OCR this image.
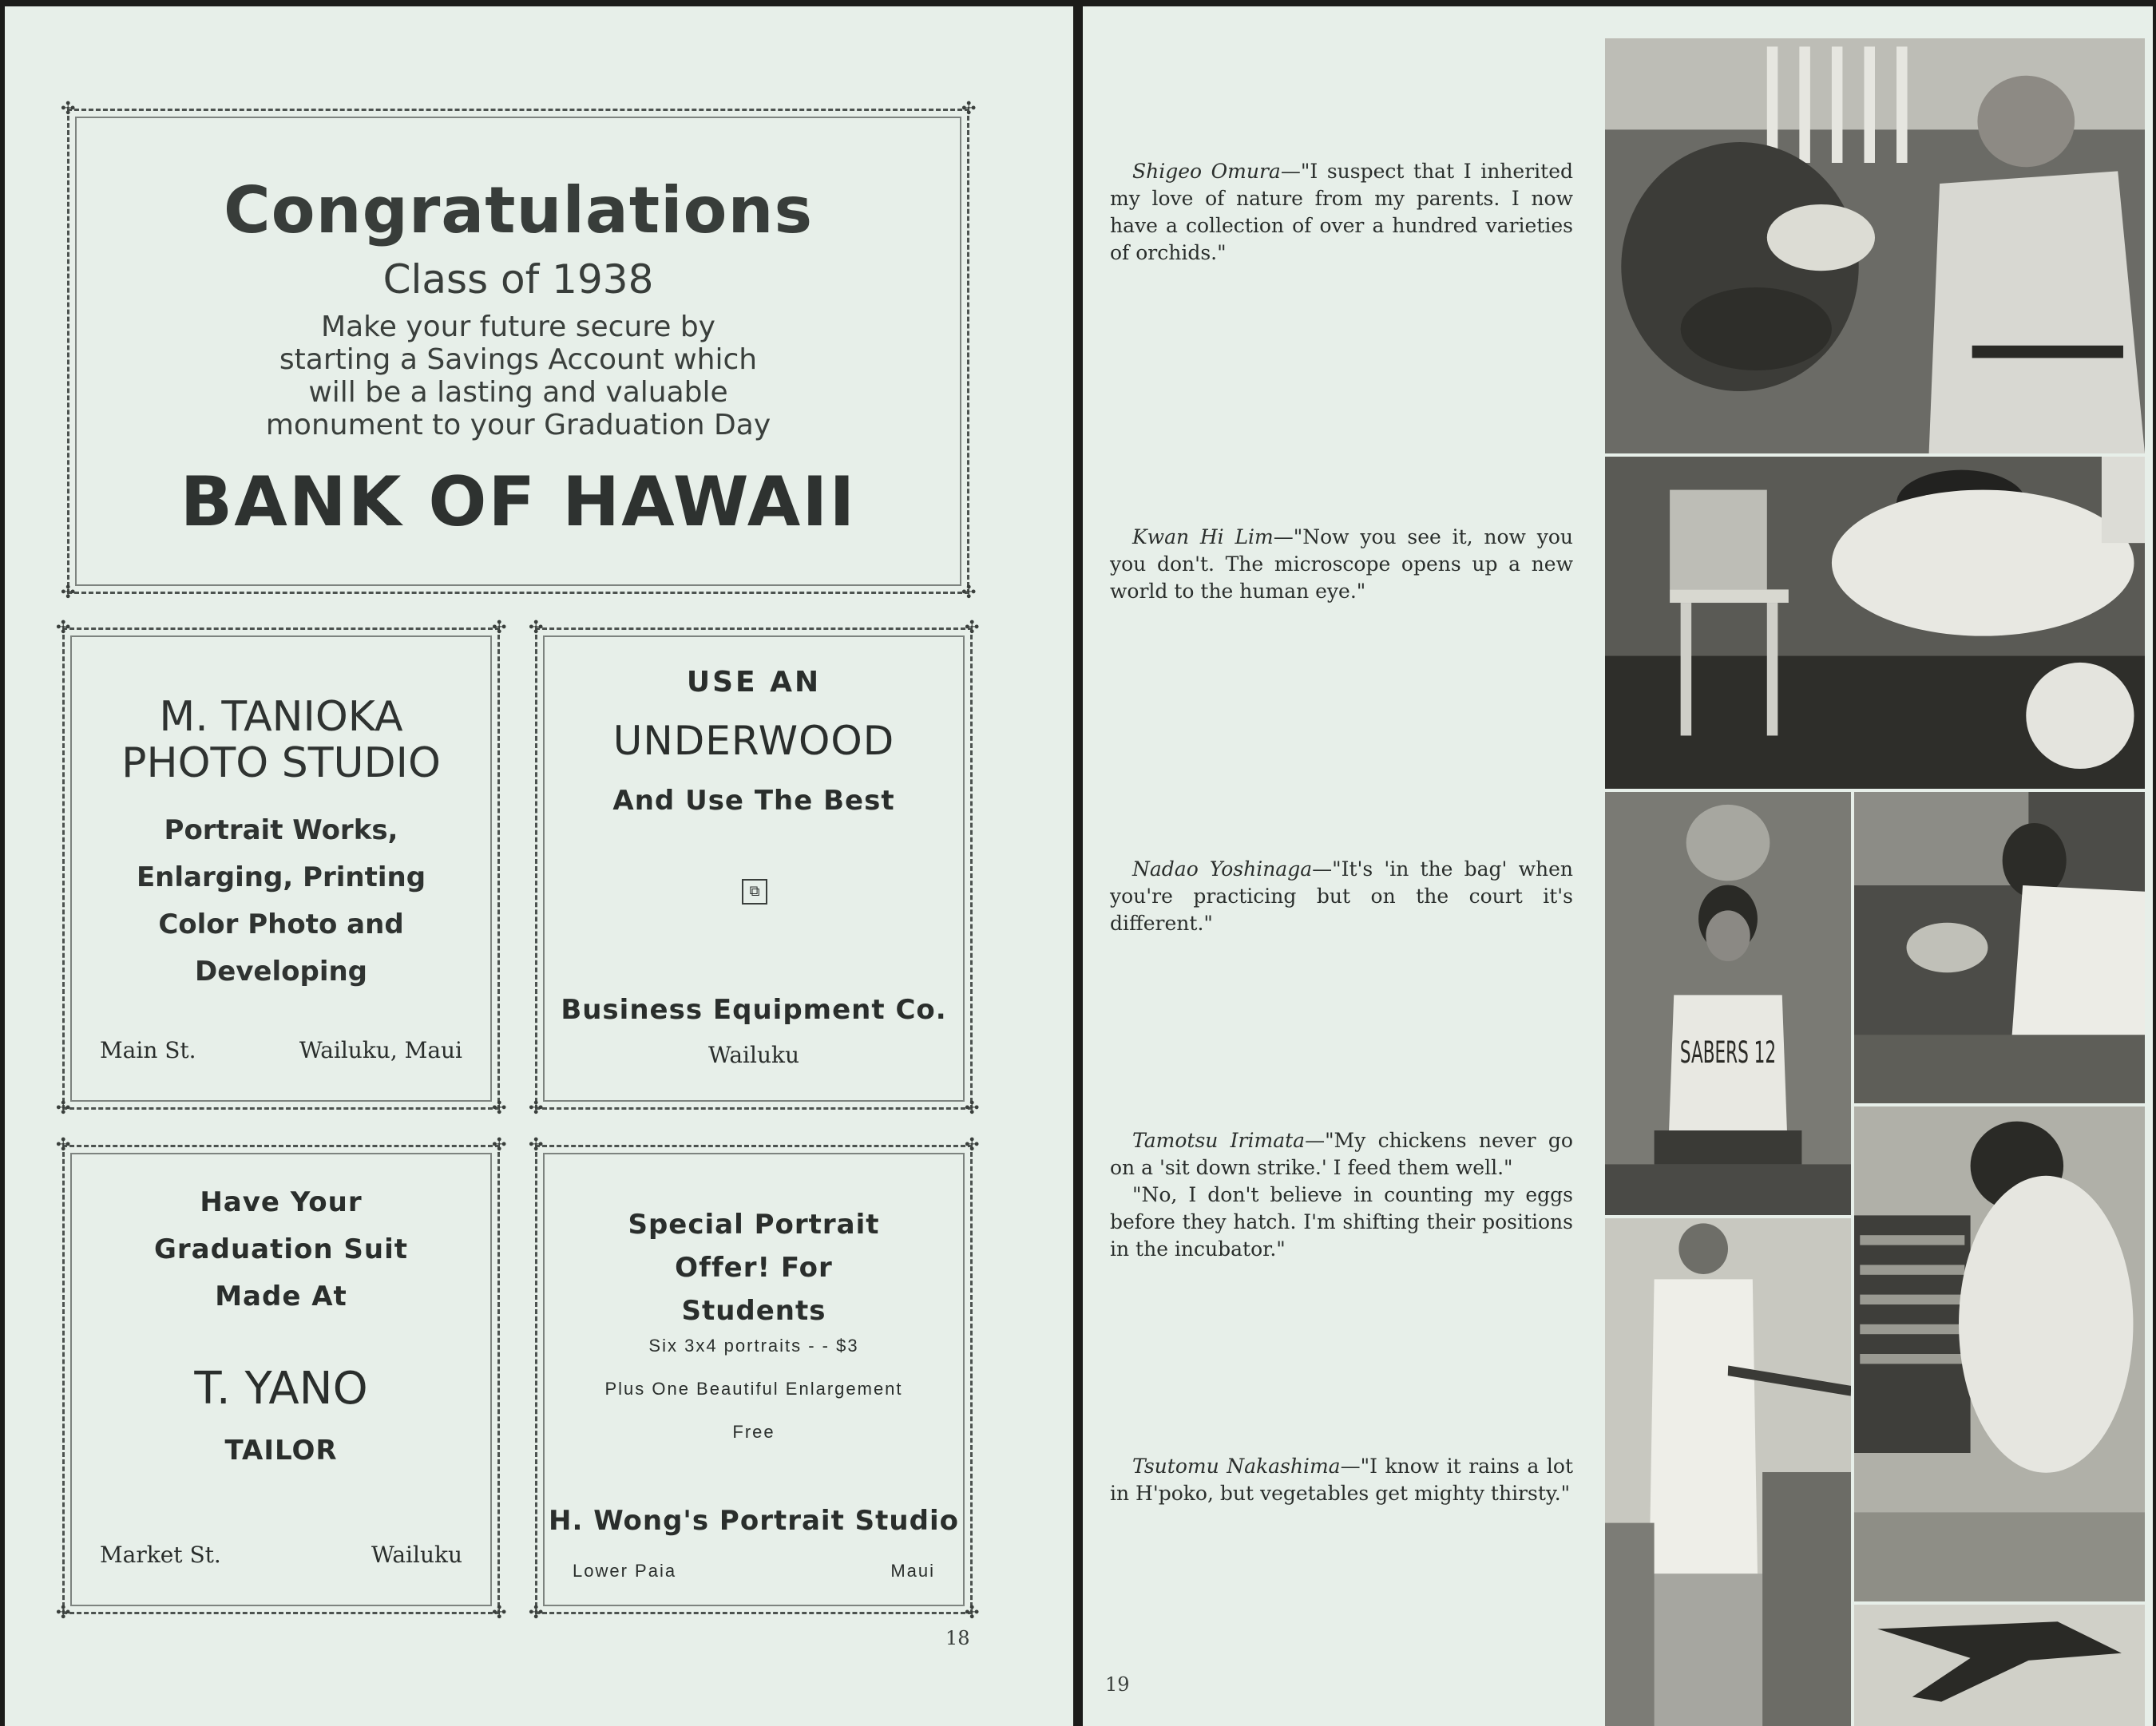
✣	✣
✣	✣
Congratulations
Class of 1938
Make your future secure by starting a Savings Account which will be a lasting and valuable monument to your Graduation Day
BANK OF HAWAII
✣	✣
✣	✣
M. TANIOKA PHOTO STUDIO
Portrait Works, Enlarging, Printing Color Photo and Developing
Main St.	Wailuku, Maui
✣	✣
✣	✣
USE AN
UNDERWOOD
And Use The Best
⧉
Business Equipment Co.
Wailuku
✣	✣
✣	✣
Have Your Graduation Suit Made At
T. YANO
TAILOR
Market St.	Wailuku
✣	✣
✣	✣
Special Portrait Offer! For Students
Six 3x4 portraits - - $3
Plus One Beautiful Enlargement
Free
H. Wong's Portrait Studio
Lower Paia	Maui
18
Shigeo Omura—"I suspect that I inherited my love of nature from my parents. I now have a collection of over a hundred varieties of orchids."
Kwan Hi Lim—"Now you see it, now you you don't. The microscope opens up a new world to the human eye."
Nadao Yoshinaga—"It's 'in the bag' when you're practicing but on the court it's different."
Tamotsu Irimata—"My chickens never go on a 'sit down strike.' I feed them well."
"No, I don't believe in counting my eggs before they hatch. I'm shifting their positions in the incubator."
Tsutomu Nakashima—"I know it rains a lot in H'poko, but vegetables get mighty thirsty."
SABERS 12
19
